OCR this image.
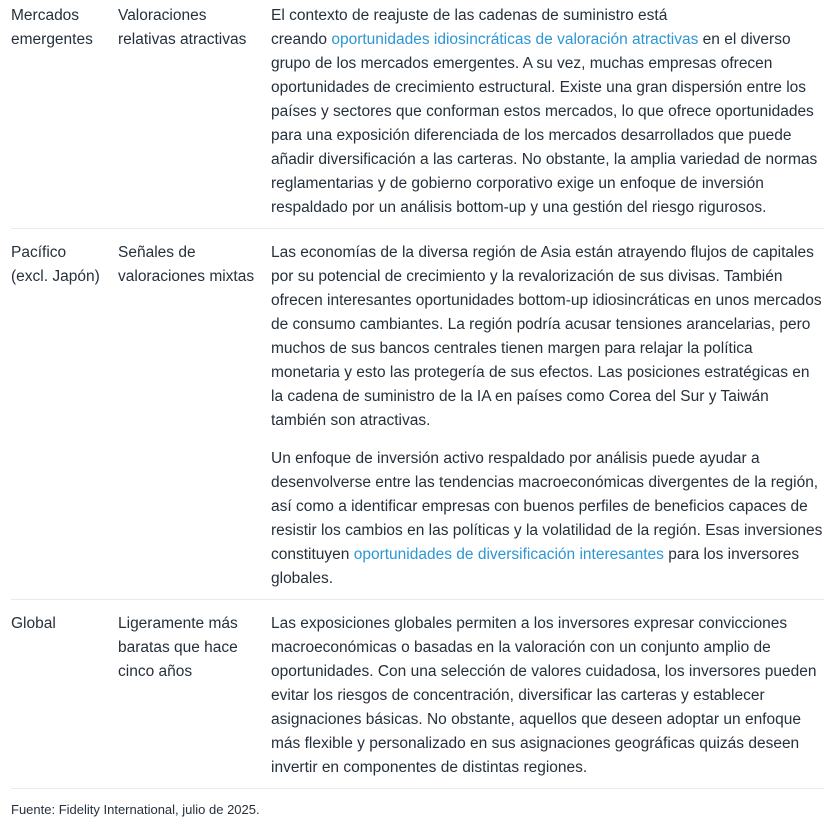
Mercados emergentes
Valoraciones relativas atractivas

El contexto de reajuste de las cadenas de suministro está
creando oportunidades idiosincráticas de valoración atractivas en el diverso grupo de los mercados emergentes. A su vez, muchas empresas ofrecen oportunidades de crecimiento estructural. Existe una gran dispersión entre los países y sectores que conforman estos mercados, lo que ofrece oportunidades para una exposición diferenciada de los mercados desarrollados que puede añadir diversificación a las carteras. No obstante, la amplia variedad de normas reglamentarias y de gobierno corporativo exige un enfoque de inversión respaldado por un análisis bottom-up y una gestión del riesgo rigurosos.

Pacífico (excl. Japón)
Señales de valoraciones mixtas

Las economías de la diversa región de Asia están atrayendo flujos de capitales por su potencial de crecimiento y la revalorización de sus divisas. También ofrecen interesantes oportunidades bottom-up idiosincráticas en unos mercados de consumo cambiantes. La región podría acusar tensiones arancelarias, pero muchos de sus bancos centrales tienen margen para relajar la política monetaria y esto las protegería de sus efectos. Las posiciones estratégicas en la cadena de suministro de la IA en países como Corea del Sur y Taiwán también son atractivas.

Un enfoque de inversión activo respaldado por análisis puede ayudar a desenvolverse entre las tendencias macroeconómicas divergentes de la región, así como a identificar empresas con buenos perfiles de beneficios capaces de resistir los cambios en las políticas y la volatilidad de la región. Esas inversiones constituyen oportunidades de diversificación interesantes para los inversores globales.

Global	Ligeramente más baratas que hace cinco años

Las exposiciones globales permiten a los inversores expresar convicciones macroeconómicas o basadas en la valoración con un conjunto amplio de oportunidades. Con una selección de valores cuidadosa, los inversores pueden evitar los riesgos de concentración, diversificar las carteras y establecer asignaciones básicas. No obstante, aquellos que deseen adoptar un enfoque más flexible y personalizado en sus asignaciones geográficas quizás deseen invertir en componentes de distintas regiones.

Fuente: Fidelity International, julio de 2025.
